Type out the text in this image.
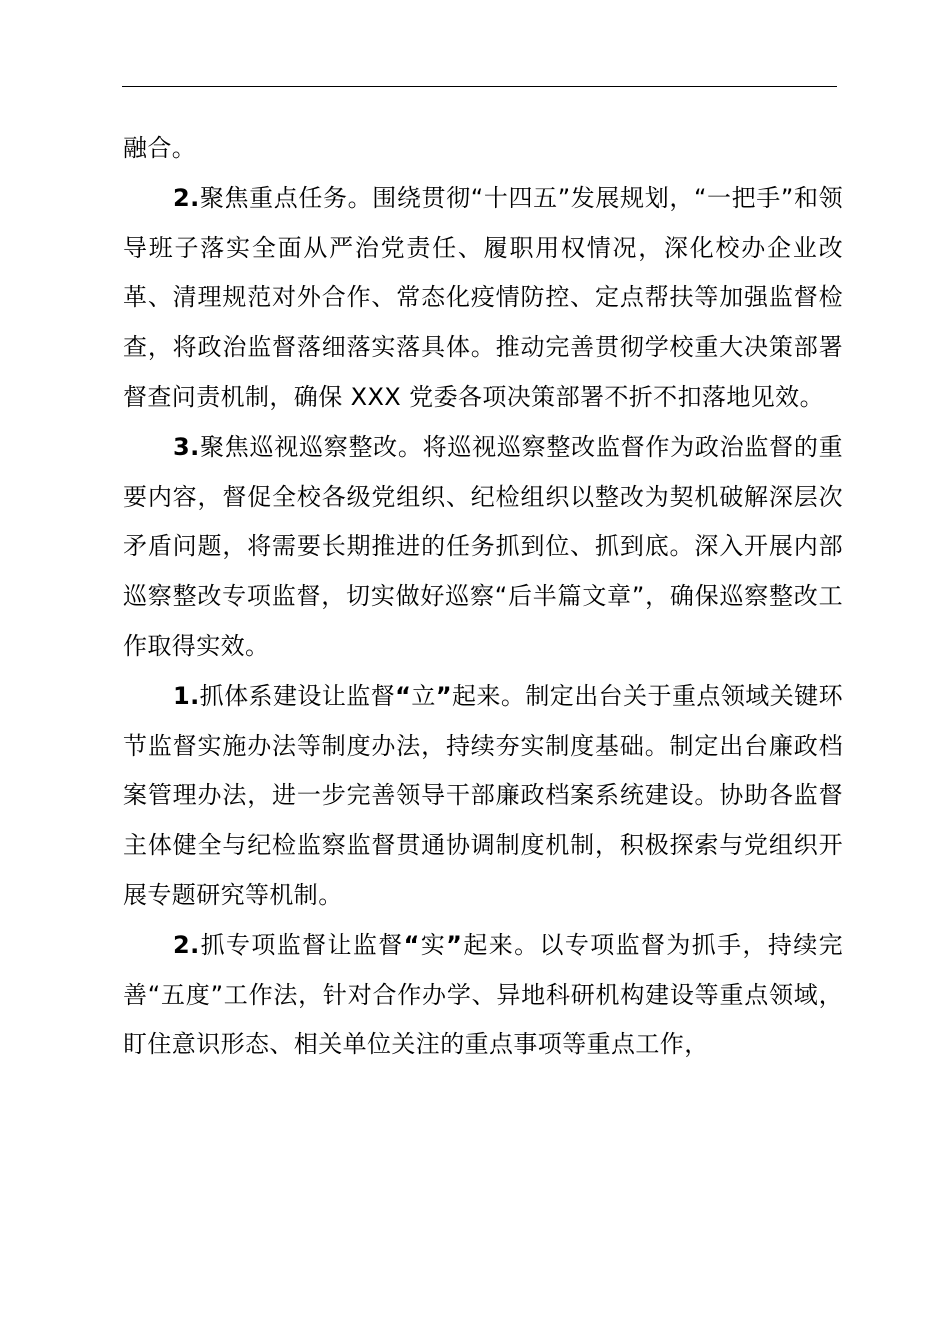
融合。

2.聚焦重点任务。围绕贯彻“十四五”发展规划，“一把手”和领导班子落实全面从严治党责任、履职用权情况，深化校办企业改革、清理规范对外合作、常态化疫情防控、定点帮扶等加强监督检查，将政治监督落细落实落具体。推动完善贯彻学校重大决策部署督查问责机制，确保 XXX 党委各项决策部署不折不扣落地见效。

3.聚焦巡视巡察整改。将巡视巡察整改监督作为政治监督的重要内容，督促全校各级党组织、纪检组织以整改为契机破解深层次矛盾问题，将需要长期推进的任务抓到位、抓到底。深入开展内部巡察整改专项监督，切实做好巡察“后半篇文章”，确保巡察整改工作取得实效。

1.抓体系建设让监督“立”起来。制定出台关于重点领域关键环节监督实施办法等制度办法，持续夯实制度基础。制定出台廉政档案管理办法，进一步完善领导干部廉政档案系统建设。协助各监督主体健全与纪检监察监督贯通协调制度机制，积极探索与党组织开展专题研究等机制。

2.抓专项监督让监督“实”起来。以专项监督为抓手，持续完善“五度”工作法，针对合作办学、异地科研机构建设等重点领域，盯住意识形态、相关单位关注的重点事项等重点工作，
